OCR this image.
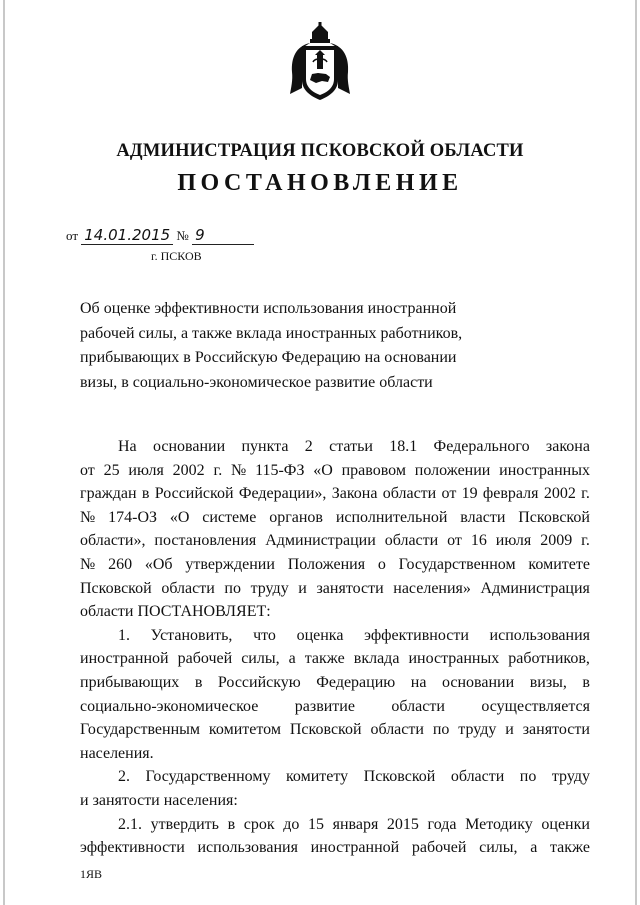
АДМИНИСТРАЦИЯ ПСКОВСКОЙ ОБЛАСТИ
ПОСТАНОВЛЕНИЕ
от 14.01.2015 № 9
г. ПСКОВ
Об оценке эффективности использования иностранной
рабочей силы, а также вклада иностранных работников,
прибывающих в Российскую Федерацию на основании
визы, в социально-экономическое развитие области
На основании пункта 2 статьи 18.1 Федерального закона
от 25 июля 2002 г. № 115-ФЗ «О правовом положении иностранных
граждан в Российской Федерации», Закона области от 19 февраля 2002 г.
№ 174-ОЗ «О системе органов исполнительной власти Псковской
области», постановления Администрации области от 16 июля 2009 г.
№ 260 «Об утверждении Положения о Государственном комитете
Псковской области по труду и занятости населения» Администрация
области ПОСТАНОВЛЯЕТ:
1. Установить, что оценка эффективности использования
иностранной рабочей силы, а также вклада иностранных работников,
прибывающих в Российскую Федерацию на основании визы, в
социально-экономическое развитие области осуществляется
Государственным комитетом Псковской области по труду и занятости
населения.
2. Государственному комитету Псковской области по труду
и занятости населения:
2.1. утвердить в срок до 15 января 2015 года Методику оценки
эффективности использования иностранной рабочей силы, а также
1ЯВ
